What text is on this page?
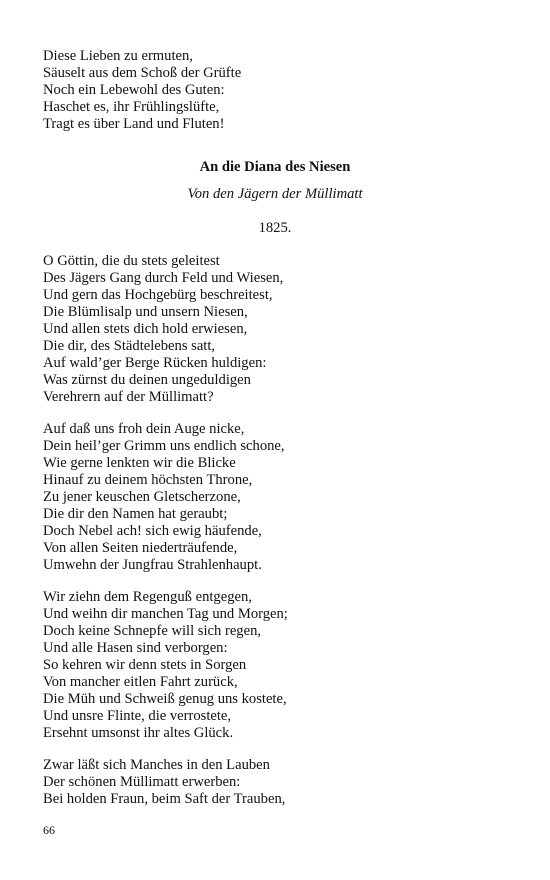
Diese Lieben zu ermuten,
Säuselt aus dem Schoß der Grüfte
Noch ein Lebewohl des Guten:
Haschet es, ihr Frühlingslüfte,
Tragt es über Land und Fluten!
An die Diana des Niesen
Von den Jägern der Müllimatt
1825.
O Göttin, die du stets geleitest
Des Jägers Gang durch Feld und Wiesen,
Und gern das Hochgebürg beschreitest,
Die Blümlisalp und unsern Niesen,
Und allen stets dich hold erwiesen,
Die dir, des Städtelebens satt,
Auf wald’ger Berge Rücken huldigen:
Was zürnst du deinen ungeduldigen
Verehrern auf der Müllimatt?
Auf daß uns froh dein Auge nicke,
Dein heil’ger Grimm uns endlich schone,
Wie gerne lenkten wir die Blicke
Hinauf zu deinem höchsten Throne,
Zu jener keuschen Gletscherzone,
Die dir den Namen hat geraubt;
Doch Nebel ach! sich ewig häufende,
Von allen Seiten niederträufende,
Umwehn der Jungfrau Strahlenhaupt.
Wir ziehn dem Regenguß entgegen,
Und weihn dir manchen Tag und Morgen;
Doch keine Schnepfe will sich regen,
Und alle Hasen sind verborgen:
So kehren wir denn stets in Sorgen
Von mancher eitlen Fahrt zurück,
Die Müh und Schweiß genug uns kostete,
Und unsre Flinte, die verrostete,
Ersehnt umsonst ihr altes Glück.
Zwar läßt sich Manches in den Lauben
Der schönen Müllimatt erwerben:
Bei holden Fraun, beim Saft der Trauben,
66
